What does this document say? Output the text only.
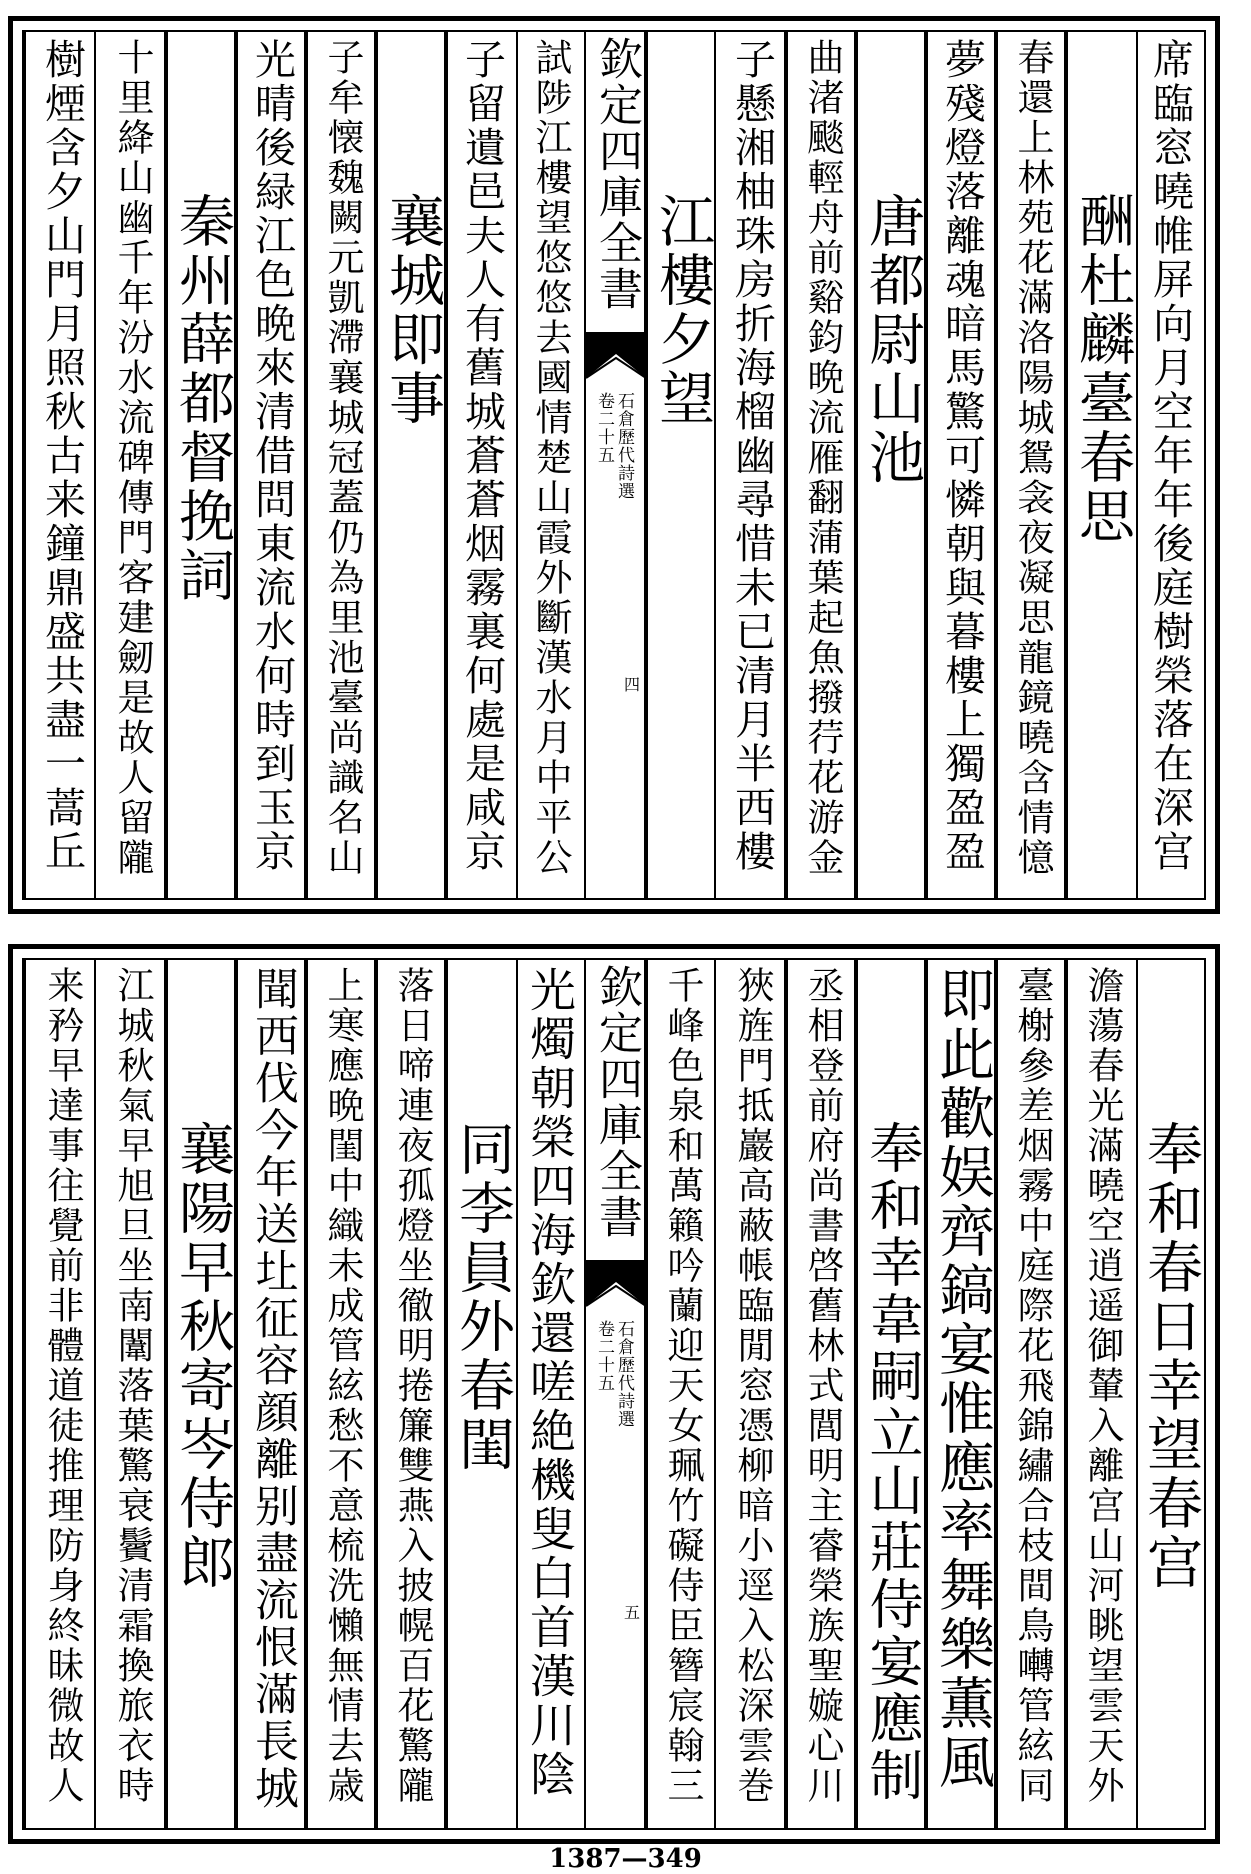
席臨窓曉帷屏向月空年年後庭樹榮落在深宫
酬杜麟臺春思
春還上林苑花滿洛陽城鴛衾夜凝思龍鏡曉含情憶
夢殘燈落離魂暗馬驚可憐朝與暮樓上獨盈盈
唐都尉山池
曲渚颷輕舟前谿鈞晩流雁翻蒲葉起魚撥荇花游金
子懸湘柚珠房折海榴幽尋惜未已清月半西樓
江樓夕望
欽定四庫全書
石倉歷代詩選
卷二十五
四
試陟江樓望悠悠去國情楚山霞外斷漢水月中平公
子留遺邑夫人有舊城蒼蒼烟霧裏何處是咸京
襄城即事
子牟懐魏闕元凱滯襄城冠蓋仍為里池臺尚識名山
光晴後緑江色晩來清借問東流水何時到玉京
秦州薛都督挽詞
十里絳山幽千年汾水流碑傳門客建劒是故人留隴
樹煙含夕山門月照秋古来鐘鼎盛共盡一蒿丘
奉和春日幸望春宫
澹蕩春光滿曉空逍遥御輦入離宫山河眺望雲天外
臺榭參差烟霧中庭際花飛錦繡合枝間鳥囀管絃同
即此歡娱齊鎬宴惟應率舞樂薫風
奉和幸韋嗣立山莊侍宴應制
丞相登前府尚書啓舊林式閭明主睿榮族聖嫙心川
狹旌門抵巖高蔽帳臨閒窓憑柳暗小逕入松深雲巻
千峰色泉和萬籟吟蘭迎天女珮竹礙侍臣簪宸翰三
欽定四庫全書
石倉歷代詩選
卷二十五
五
光燭朝榮四海欽還嗟絶機叟白首漢川陰
同李員外春閨
落日啼連夜孤燈坐徹明捲簾雙燕入披幌百花驚隴
上寒應晩閨中織未成管絃愁不意梳洗懶無情去歳
聞西伐今年送圵征容顔離别盡流恨滿長城
襄陽早秋寄岑侍郎
江城秋氣早旭旦坐南闈落葉驚衰鬢清霜換旅衣時
来矜早達事往覺前非體道徒推理防身終昧微故人
1387—349
